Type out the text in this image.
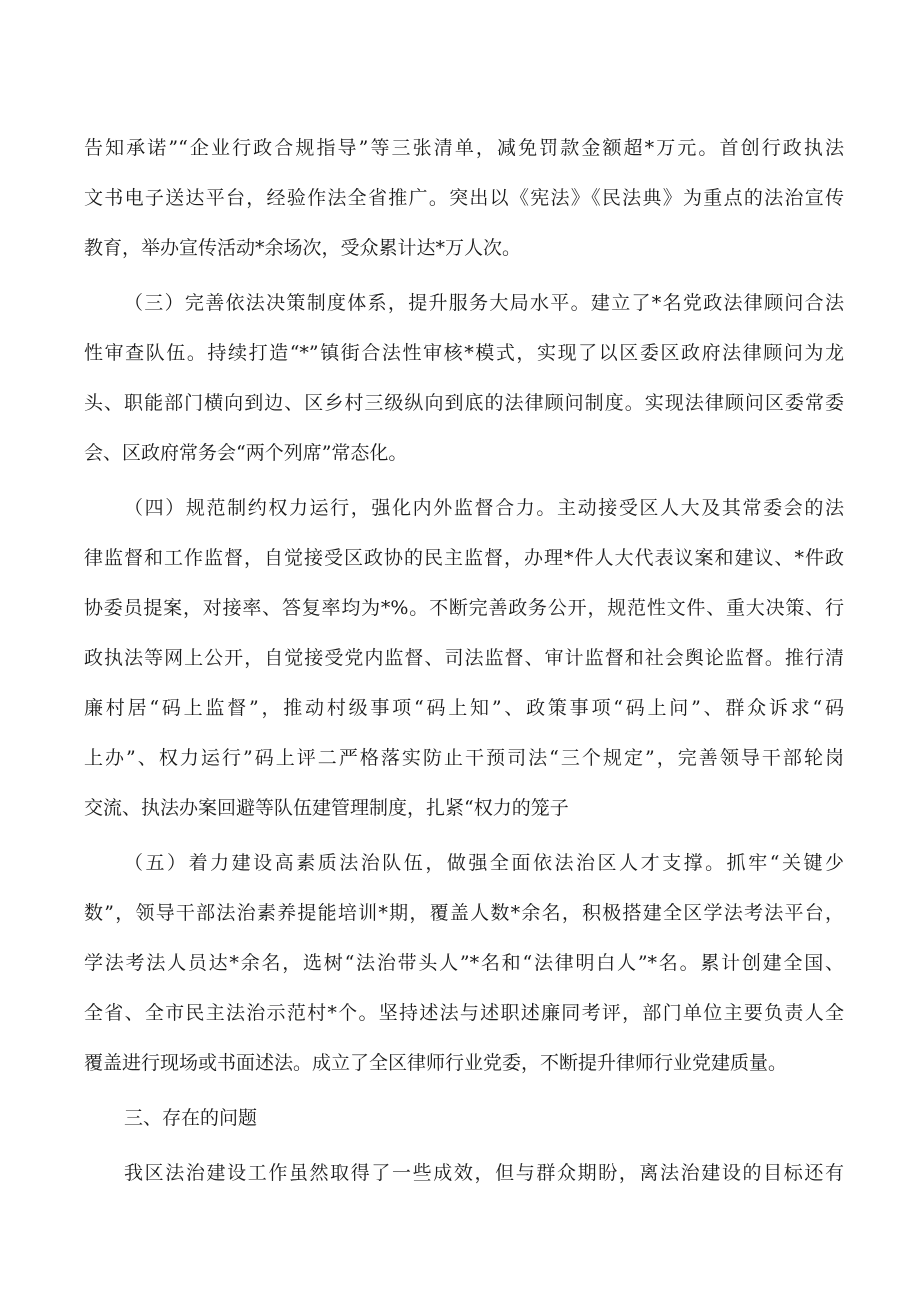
告知承诺”“企业行政合规指导”等三张清单，减免罚款金额超*万元。首创行政执法
文书电子送达平台，经验作法全省推广。突出以《宪法》《民法典》为重点的法治宣传
教育，举办宣传活动*余场次，受众累计达*万人次。
（三）完善依法决策制度体系，提升服务大局水平。建立了*名党政法律顾问合法
性审查队伍。持续打造“*”镇街合法性审核*模式，实现了以区委区政府法律顾问为龙
头、职能部门横向到边、区乡村三级纵向到底的法律顾问制度。实现法律顾问区委常委
会、区政府常务会“两个列席”常态化。
（四）规范制约权力运行，强化内外监督合力。主动接受区人大及其常委会的法
律监督和工作监督，自觉接受区政协的民主监督，办理*件人大代表议案和建议、*件政
协委员提案，对接率、答复率均为*%。不断完善政务公开，规范性文件、重大决策、行
政执法等网上公开，自觉接受党内监督、司法监督、审计监督和社会舆论监督。推行清
廉村居“码上监督”，推动村级事项“码上知”、政策事项“码上问”、群众诉求“码
上办”、权力运行”码上评二严格落实防止干预司法“三个规定”，完善领导干部轮岗
交流、执法办案回避等队伍建管理制度，扎紧“权力的笼子
（五）着力建设高素质法治队伍，做强全面依法治区人才支撑。抓牢“关键少
数”，领导干部法治素养提能培训*期，覆盖人数*余名，积极搭建全区学法考法平台，
学法考法人员达*余名，选树“法治带头人”*名和“法律明白人”*名。累计创建全国、
全省、全市民主法治示范村*个。坚持述法与述职述廉同考评，部门单位主要负责人全
覆盖进行现场或书面述法。成立了全区律师行业党委，不断提升律师行业党建质量。
三、存在的问题
我区法治建设工作虽然取得了一些成效，但与群众期盼，离法治建设的目标还有
